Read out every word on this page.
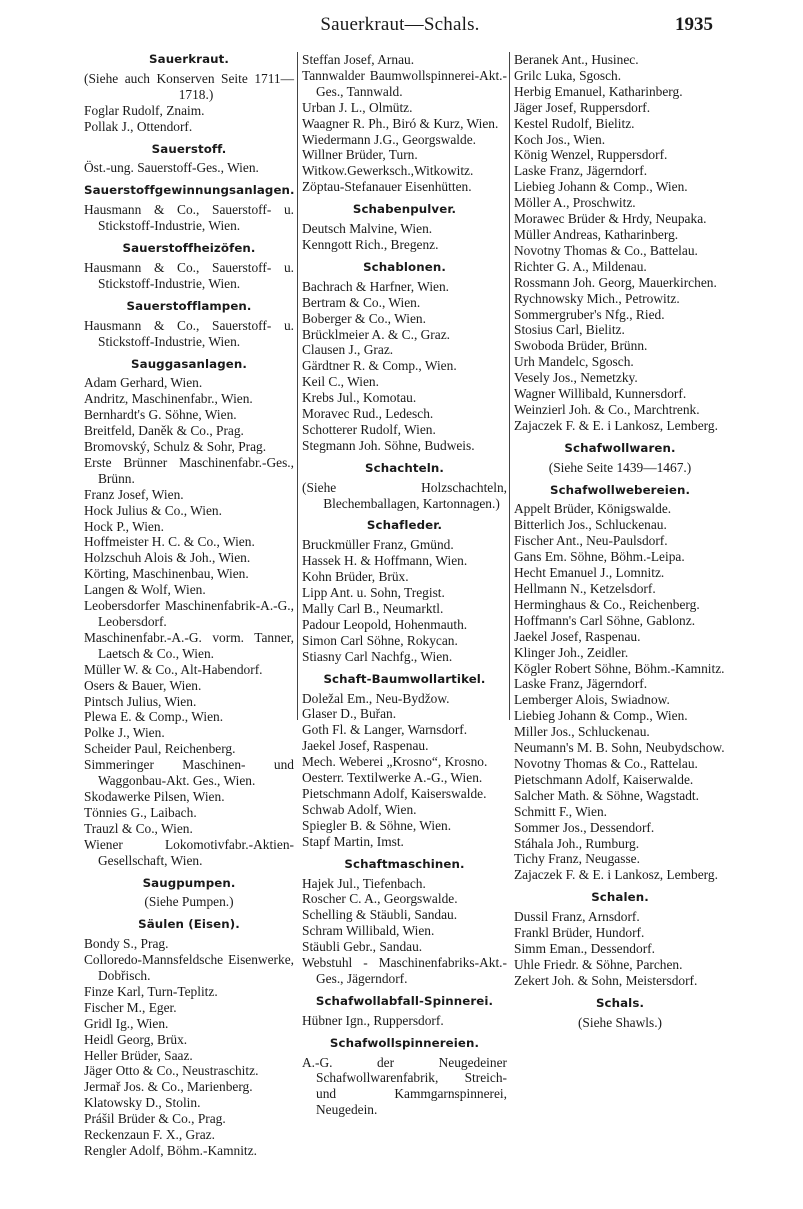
Sauerkraut—Schals.	1935
Sauerkraut.
(Siehe auch Konserven Seite 1711—1718.)
Foglar Rudolf, Znaim.
Pollak J., Ottendorf.
Sauerstoff.
Öst.-ung. Sauerstoff-Ges., Wien.
Sauerstoffgewinnungsanlagen.
Hausmann & Co., Sauerstoff- u. Stickstoff-Industrie, Wien.
Sauerstoffheizöfen.
Hausmann & Co., Sauerstoff- u. Stickstoff-Industrie, Wien.
Sauerstofflampen.
Hausmann & Co., Sauerstoff- u. Stickstoff-Industrie, Wien.
Sauggasanlagen.
Adam Gerhard, Wien.
Andritz, Maschinenfabr., Wien.
Bernhardt's G. Söhne, Wien.
Breitfeld, Daněk & Co., Prag.
Bromovský, Schulz & Sohr, Prag.
Erste Brünner Maschinenfabr.-Ges., Brünn.
Franz Josef, Wien.
Hock Julius & Co., Wien.
Hock P., Wien.
Hoffmeister H. C. & Co., Wien.
Holzschuh Alois & Joh., Wien.
Körting, Maschinenbau, Wien.
Langen & Wolf, Wien.
Leobersdorfer Maschinenfabrik-A.-G., Leobersdorf.
Maschinenfabr.-A.-G. vorm. Tanner, Laetsch & Co., Wien.
Müller W. & Co., Alt-Habendorf.
Osers & Bauer, Wien.
Pintsch Julius, Wien.
Plewa E. & Comp., Wien.
Polke J., Wien.
Scheider Paul, Reichenberg.
Simmeringer Maschinen- und Waggonbau-Akt. Ges., Wien.
Skodawerke Pilsen, Wien.
Tönnies G., Laibach.
Trauzl & Co., Wien.
Wiener Lokomotivfabr.-Aktien-Gesellschaft, Wien.
Saugpumpen.
(Siehe Pumpen.)
Säulen (Eisen).
Bondy S., Prag.
Colloredo-Mannsfeldsche Eisenwerke, Dobřisch.
Finze Karl, Turn-Teplitz.
Fischer M., Eger.
Gridl Ig., Wien.
Heidl Georg, Brüx.
Heller Brüder, Saaz.
Jäger Otto & Co., Neustraschitz.
Jermař Jos. & Co., Marienberg.
Klatowsky D., Stolin.
Prášil Brüder & Co., Prag.
Reckenzaun F. X., Graz.
Rengler Adolf, Böhm.-Kamnitz.
Steffan Josef, Arnau.
Tannwalder Baumwollspinnerei-Akt.-Ges., Tannwald.
Urban J. L., Olmütz.
Waagner R. Ph., Biró & Kurz, Wien.
Wiedermann J.G., Georgswalde.
Willner Brüder, Turn.
Witkow.Gewerksch.,Witkowitz.
Zöptau-Stefanauer Eisenhütten.
Schabenpulver.
Deutsch Malvine, Wien.
Kenngott Rich., Bregenz.
Schablonen.
Bachrach & Harfner, Wien.
Bertram & Co., Wien.
Boberger & Co., Wien.
Brücklmeier A. & C., Graz.
Clausen J., Graz.
Gärdtner R. & Comp., Wien.
Keil C., Wien.
Krebs Jul., Komotau.
Moravec Rud., Ledesch.
Schotterer Rudolf, Wien.
Stegmann Joh. Söhne, Budweis.
Schachteln.
(Siehe Holzschachteln, Blechemballagen, Kartonnagen.)
Schafleder.
Bruckmüller Franz, Gmünd.
Hassek H. & Hoffmann, Wien.
Kohn Brüder, Brüx.
Lipp Ant. u. Sohn, Tregist.
Mally Carl B., Neumarktl.
Padour Leopold, Hohenmauth.
Simon Carl Söhne, Rokycan.
Stiasny Carl Nachfg., Wien.
Schaft-Baumwollartikel.
Doležal Em., Neu-Bydžow.
Glaser D., Buřan.
Goth Fl. & Langer, Warnsdorf.
Jaekel Josef, Raspenau.
Mech. Weberei „Krosno“, Krosno.
Oesterr. Textilwerke A.-G., Wien.
Pietschmann Adolf, Kaiserswalde.
Schwab Adolf, Wien.
Spiegler B. & Söhne, Wien.
Stapf Martin, Imst.
Schaftmaschinen.
Hajek Jul., Tiefenbach.
Roscher C. A., Georgswalde.
Schelling & Stäubli, Sandau.
Schram Willibald, Wien.
Stäubli Gebr., Sandau.
Webstuhl - Maschinenfabriks-Akt.-Ges., Jägerndorf.
Schafwollabfall-Spinnerei.
Hübner Ign., Ruppersdorf.
Schafwollspinnereien.
A.-G. der Neugedeiner Schafwollwarenfabrik, Streich- und Kammgarnspinnerei, Neugedein.
Beranek Ant., Husinec.
Grilc Luka, Sgosch.
Herbig Emanuel, Katharinberg.
Jäger Josef, Ruppersdorf.
Kestel Rudolf, Bielitz.
Koch Jos., Wien.
König Wenzel, Ruppersdorf.
Laske Franz, Jägerndorf.
Liebieg Johann & Comp., Wien.
Möller A., Proschwitz.
Morawec Brüder & Hrdy, Neupaka.
Müller Andreas, Katharinberg.
Novotny Thomas & Co., Battelau.
Richter G. A., Mildenau.
Rossmann Joh. Georg, Mauerkirchen.
Rychnowsky Mich., Petrowitz.
Sommergruber's Nfg., Ried.
Stosius Carl, Bielitz.
Swoboda Brüder, Brünn.
Urh Mandelc, Sgosch.
Vesely Jos., Nemetzky.
Wagner Willibald, Kunnersdorf.
Weinzierl Joh. & Co., Marchtrenk.
Zajaczek F. & E. i Lankosz, Lemberg.
Schafwollwaren.
(Siehe Seite 1439—1467.)
Schafwollwebereien.
Appelt Brüder, Königswalde.
Bitterlich Jos., Schluckenau.
Fischer Ant., Neu-Paulsdorf.
Gans Em. Söhne, Böhm.-Leipa.
Hecht Emanuel J., Lomnitz.
Hellmann N., Ketzelsdorf.
Herminghaus & Co., Reichenberg.
Hoffmann's Carl Söhne, Gablonz.
Jaekel Josef, Raspenau.
Klinger Joh., Zeidler.
Kögler Robert Söhne, Böhm.-Kamnitz.
Laske Franz, Jägerndorf.
Lemberger Alois, Swiadnow.
Liebieg Johann & Comp., Wien.
Miller Jos., Schluckenau.
Neumann's M. B. Sohn, Neubydschow.
Novotny Thomas & Co., Rattelau.
Pietschmann Adolf, Kaiserwalde.
Salcher Math. & Söhne, Wagstadt.
Schmitt F., Wien.
Sommer Jos., Dessendorf.
Stáhala Joh., Rumburg.
Tichy Franz, Neugasse.
Zajaczek F. & E. i Lankosz, Lemberg.
Schalen.
Dussil Franz, Arnsdorf.
Frankl Brüder, Hundorf.
Simm Eman., Dessendorf.
Uhle Friedr. & Söhne, Parchen.
Zekert Joh. & Sohn, Meistersdorf.
Schals.
(Siehe Shawls.)
